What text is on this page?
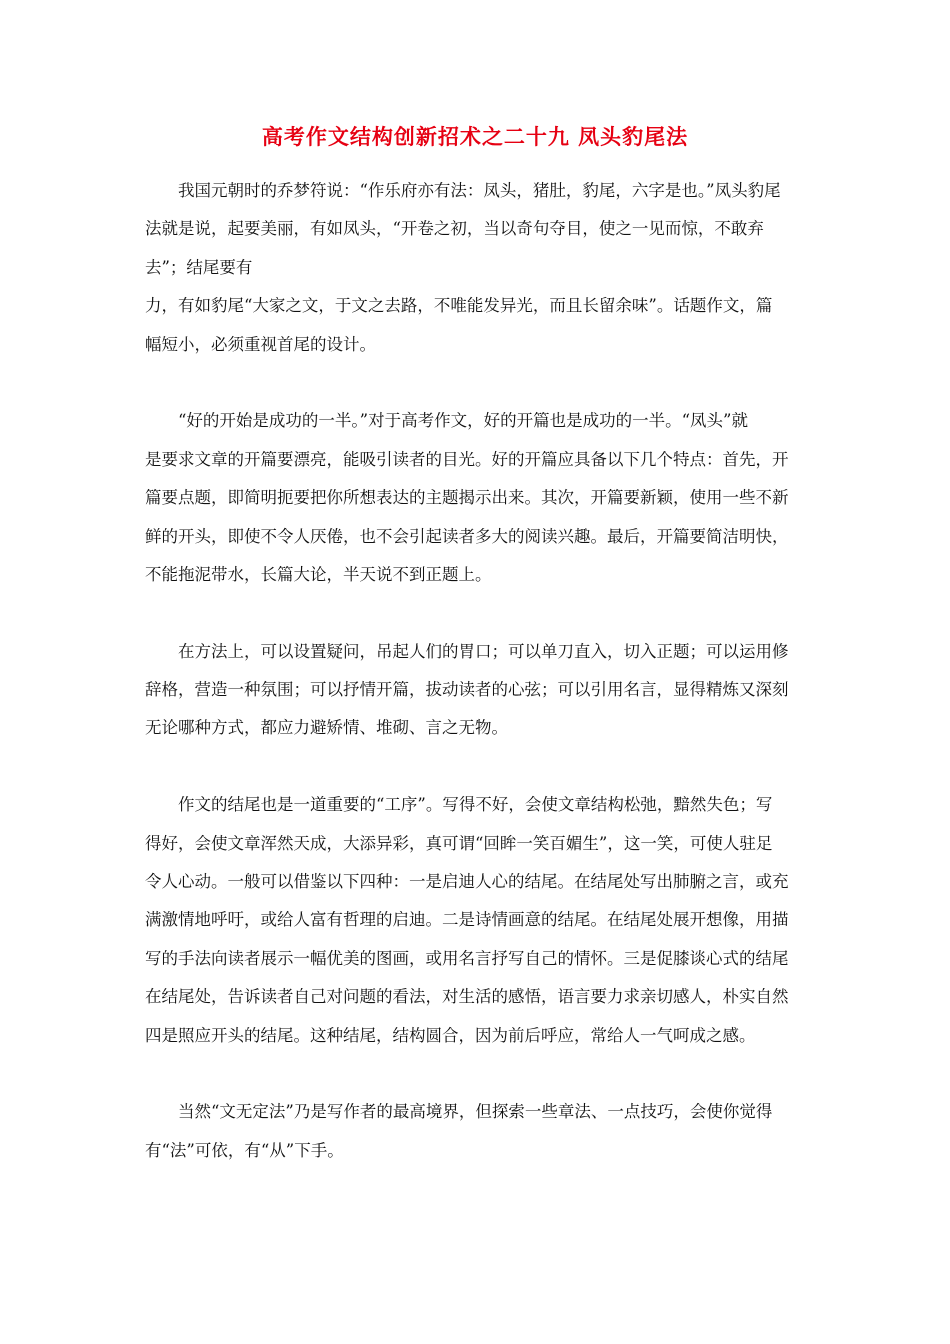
高考作文结构创新招术之二十九 凤头豹尾法
我国元朝时的乔梦符说：“作乐府亦有法：凤头，猪肚，豹尾，六字是也。”凤头豹尾
法就是说，起要美丽，有如凤头，“开卷之初，当以奇句夺目，使之一见而惊，不敢弃
去”；结尾要有
力，有如豹尾“大家之文，于文之去路，不唯能发异光，而且长留余味”。话题作文，篇
幅短小，必须重视首尾的设计。
“好的开始是成功的一半。”对于高考作文，好的开篇也是成功的一半。“凤头”就
是要求文章的开篇要漂亮，能吸引读者的目光。好的开篇应具备以下几个特点：首先，开
篇要点题，即简明扼要把你所想表达的主题揭示出来。其次，开篇要新颖，使用一些不新
鲜的开头，即使不令人厌倦，也不会引起读者多大的阅读兴趣。最后，开篇要简洁明快，
不能拖泥带水，长篇大论，半天说不到正题上。
在方法上，可以设置疑问，吊起人们的胃口；可以单刀直入，切入正题；可以运用修
辞格，营造一种氛围；可以抒情开篇，拔动读者的心弦；可以引用名言，显得精炼又深刻
无论哪种方式，都应力避矫情、堆砌、言之无物。
作文的结尾也是一道重要的“工序”。写得不好，会使文章结构松弛，黯然失色；写
得好，会使文章浑然天成，大添异彩，真可谓“回眸一笑百媚生”，这一笑，可使人驻足
令人心动。一般可以借鉴以下四种：一是启迪人心的结尾。在结尾处写出肺腑之言，或充
满激情地呼吁，或给人富有哲理的启迪。二是诗情画意的结尾。在结尾处展开想像，用描
写的手法向读者展示一幅优美的图画，或用名言抒写自己的情怀。三是促膝谈心式的结尾
在结尾处，告诉读者自己对问题的看法，对生活的感悟，语言要力求亲切感人，朴实自然
四是照应开头的结尾。这种结尾，结构圆合，因为前后呼应，常给人一气呵成之感。
当然“文无定法”乃是写作者的最高境界，但探索一些章法、一点技巧，会使你觉得
有“法”可依，有“从”下手。
